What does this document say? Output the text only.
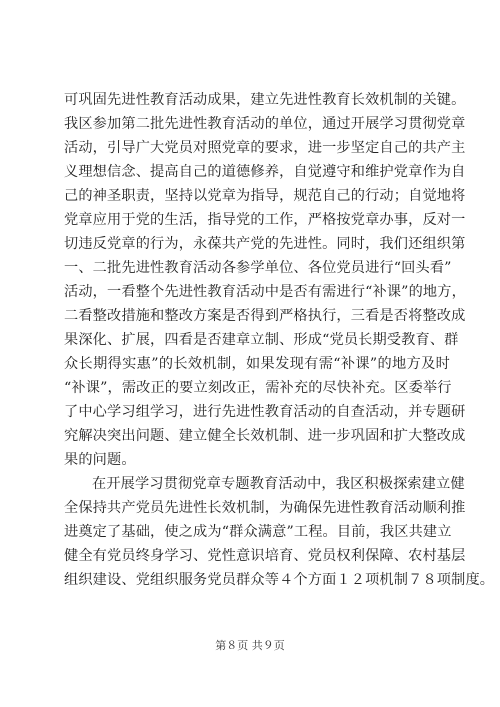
可巩固先进性教育活动成果，建立先进性教育长效机制的关键。
我区参加第二批先进性教育活动的单位，通过开展学习贯彻党章
活动，引导广大党员对照党章的要求，进一步坚定自己的共产主
义理想信念、提高自己的道德修养，自觉遵守和维护党章作为自
己的神圣职责，坚持以党章为指导，规范自己的行动；自觉地将
党章应用于党的生活，指导党的工作，严格按党章办事，反对一
切违反党章的行为，永葆共产党的先进性。同时，我们还组织第
一、二批先进性教育活动各参学单位、各位党员进行“回头看”
活动，一看整个先进性教育活动中是否有需进行“补课”的地方，
二看整改措施和整改方案是否得到严格执行，三看是否将整改成
果深化、扩展，四看是否建章立制、形成“党员长期受教育、群
众长期得实惠”的长效机制，如果发现有需“补课”的地方及时
“补课”，需改正的要立刻改正，需补充的尽快补充。区委举行
了中心学习组学习，进行先进性教育活动的自查活动，并专题研
究解决突出问题、建立健全长效机制、进一步巩固和扩大整改成
果的问题。
在开展学习贯彻党章专题教育活动中，我区积极探索建立健
全保持共产党员先进性长效机制，为确保先进性教育活动顺利推
进奠定了基础，使之成为“群众满意”工程。目前，我区共建立
健全有党员终身学习、党性意识培育、党员权利保障、农村基层
组织建设、党组织服务党员群众等４个方面１２项机制７８项制度。
第８页 共９页
